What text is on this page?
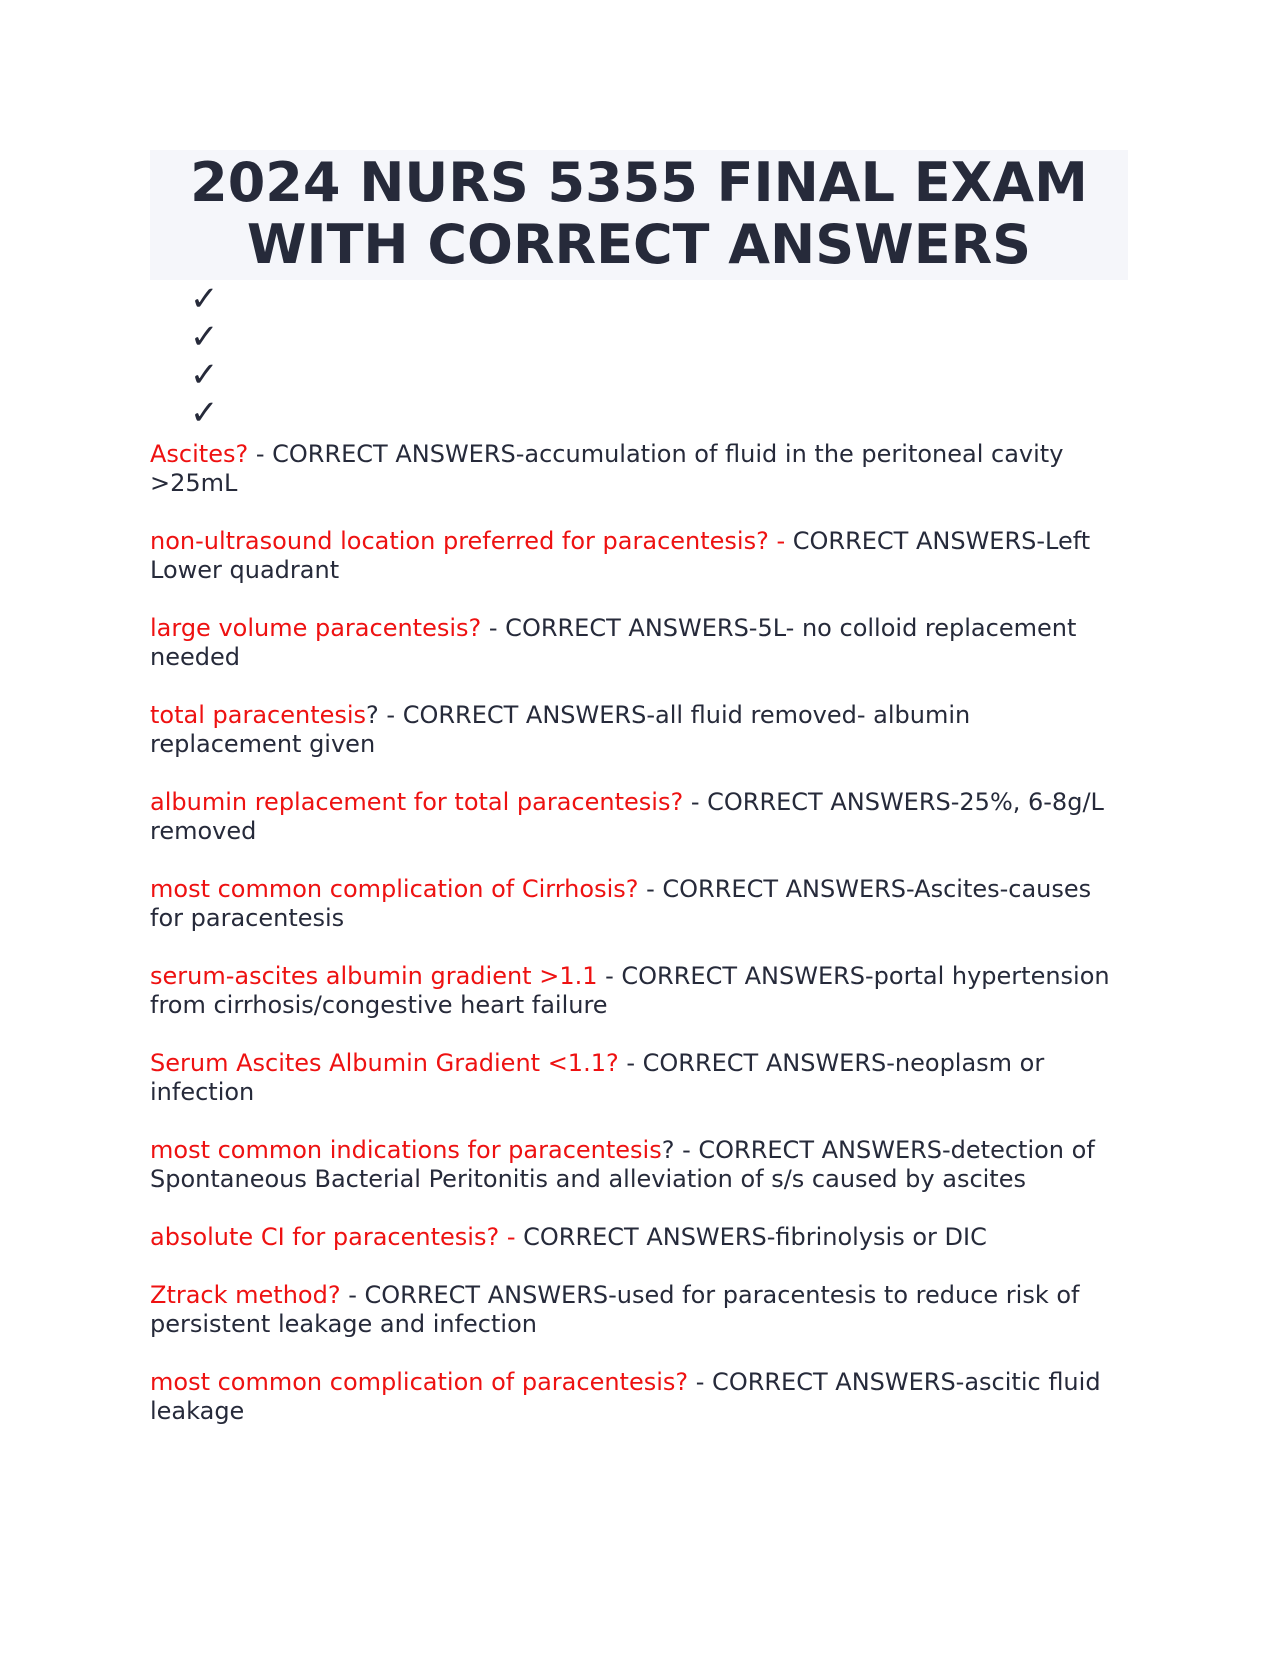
2024 NURS 5355 FINAL EXAM WITH CORRECT ANSWERS
✓
✓
✓
✓

Ascites? - CORRECT ANSWERS-accumulation of fluid in the peritoneal cavity >25mL

non-ultrasound location preferred for paracentesis? - CORRECT ANSWERS-Left Lower quadrant

large volume paracentesis? - CORRECT ANSWERS-5L- no colloid replacement needed

total paracentesis? - CORRECT ANSWERS-all fluid removed- albumin replacement given

albumin replacement for total paracentesis? - CORRECT ANSWERS-25%, 6-8g/L removed

most common complication of Cirrhosis? - CORRECT ANSWERS-Ascites-causes for paracentesis

serum-ascites albumin gradient >1.1 - CORRECT ANSWERS-portal hypertension from cirrhosis/congestive heart failure

Serum Ascites Albumin Gradient <1.1? - CORRECT ANSWERS-neoplasm or infection

most common indications for paracentesis? - CORRECT ANSWERS-detection of Spontaneous Bacterial Peritonitis and alleviation of s/s caused by ascites

absolute CI for paracentesis? - CORRECT ANSWERS-fibrinolysis or DIC

Ztrack method? - CORRECT ANSWERS-used for paracentesis to reduce risk of persistent leakage and infection

most common complication of paracentesis? - CORRECT ANSWERS-ascitic fluid leakage
